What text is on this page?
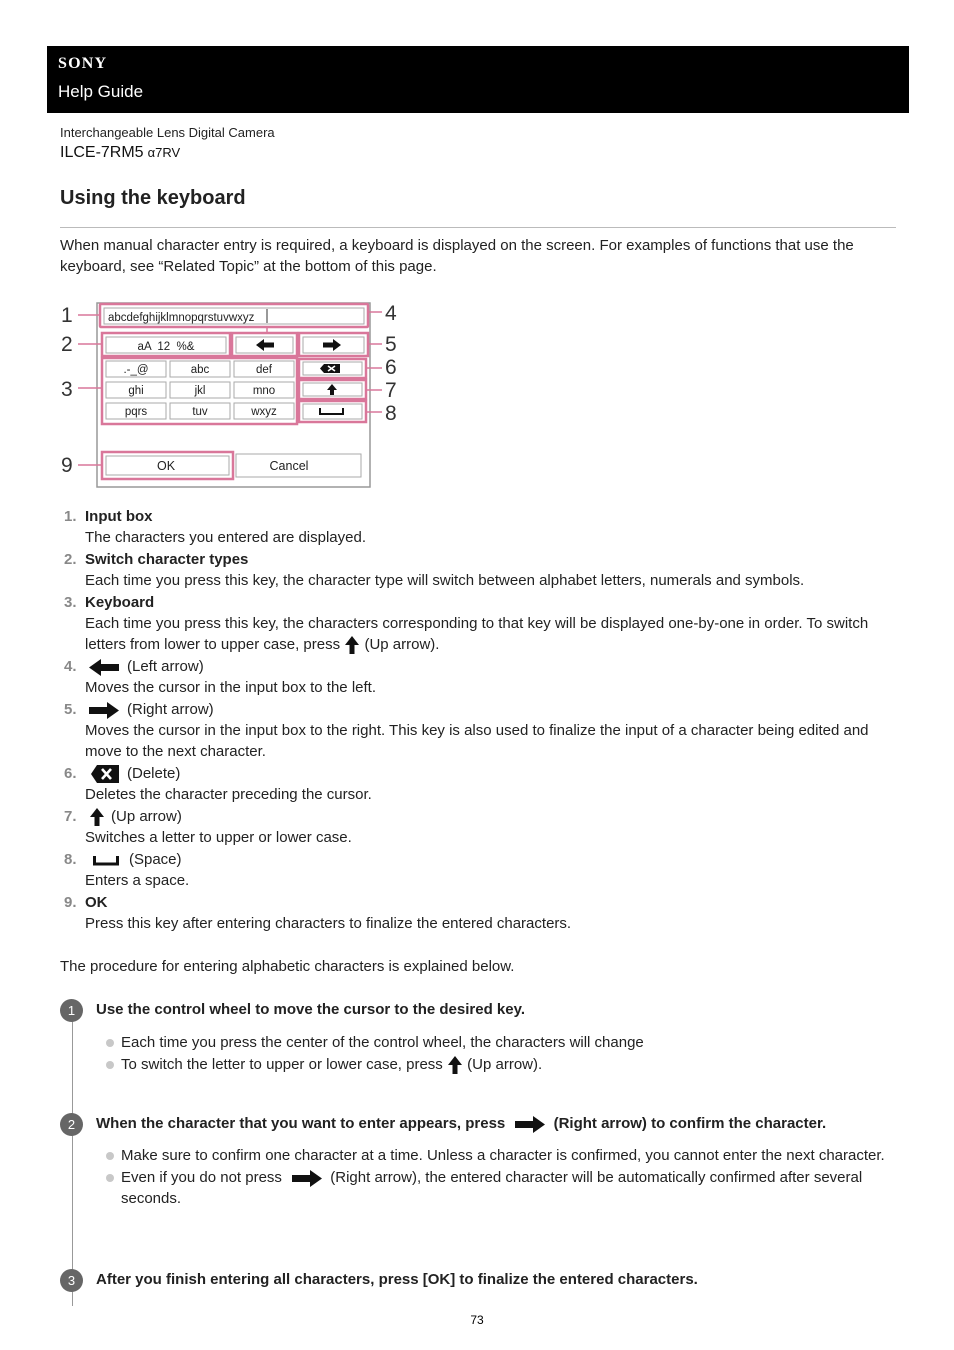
SONY
Help Guide
Interchangeable Lens Digital Camera
ILCE-7RM5 α7RV
Using the keyboard
When manual character entry is required, a keyboard is displayed on the screen. For examples of functions that use the keyboard, see “Related Topic” at the bottom of this page.
1
2
3
4
5
6
7
8
9
abcdefghijklmnopqrstuvwxyz
aA  12  %&
.-_@	abc	def
ghi	jkl	mno
pqrs	tuv	wxyz
OK	Cancel
1. Input box
The characters you entered are displayed.
2. Switch character types
Each time you press this key, the character type will switch between alphabet letters, numerals and symbols.
3. Keyboard
Each time you press this key, the characters corresponding to that key will be displayed one-by-one in order. To switch letters from lower to upper case, press  (Up arrow).
4.	(Left arrow)
Moves the cursor in the input box to the left.
5.	(Right arrow)
Moves the cursor in the input box to the right. This key is also used to finalize the input of a character being edited and move to the next character.
6.	(Delete)
Deletes the character preceding the cursor.
7.	(Up arrow)
Switches a letter to upper or lower case.
8.	(Space)
Enters a space.
9. OK
Press this key after entering characters to finalize the entered characters.
The procedure for entering alphabetic characters is explained below.
1	Use the control wheel to move the cursor to the desired key.
Each time you press the center of the control wheel, the characters will change
To switch the letter to upper or lower case, press  (Up arrow).
2	When the character that you want to enter appears, press	(Right arrow) to confirm the character.
Make sure to confirm one character at a time. Unless a character is confirmed, you cannot enter the next character.
Even if you do not press	(Right arrow), the entered character will be automatically confirmed after several seconds.
3	After you finish entering all characters, press [OK] to finalize the entered characters.
73
